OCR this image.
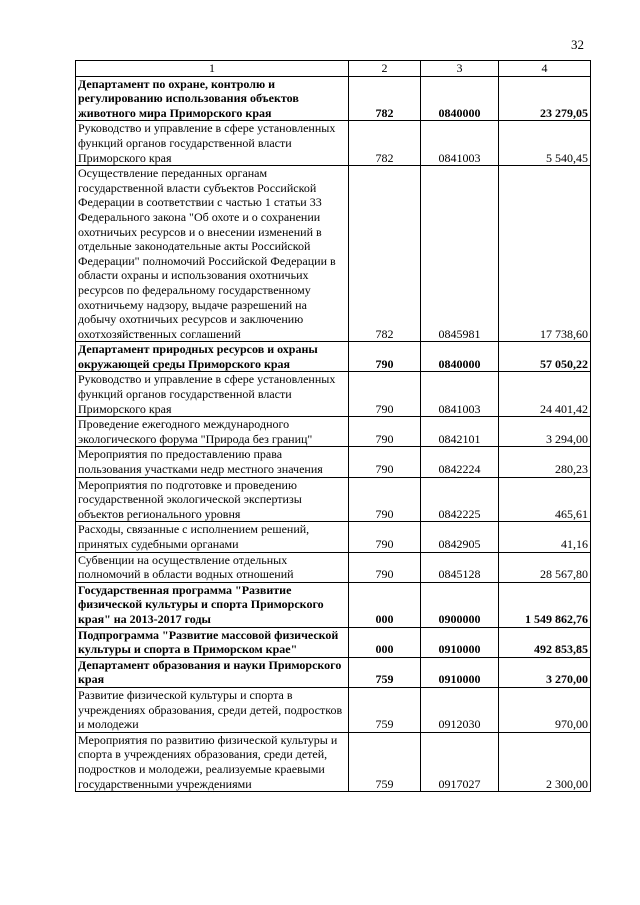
32
1	2	3	4
Департамент по охране, контролю и регулированию использования объектов животного мира Приморского края	782	0840000	23 279,05
Руководство и управление в сфере установленных функций органов государственной власти Приморского края	782	0841003	5 540,45
Осуществление переданных органам государственной власти субъектов Российской Федерации в соответствии с частью 1 статьи 33 Федерального закона "Об охоте и о сохранении охотничьих ресурсов и о внесении изменений в отдельные законодательные акты Российской Федерации" полномочий Российской Федерации в области охраны и использования охотничьих ресурсов по федеральному государственному охотничьему надзору, выдаче разрешений на добычу охотничьих ресурсов и заключению охотхозяйственных соглашений	782	0845981	17 738,60
Департамент природных ресурсов и охраны окружающей среды Приморского края	790	0840000	57 050,22
Руководство и управление в сфере установленных функций органов государственной власти Приморского края	790	0841003	24 401,42
Проведение ежегодного международного экологического форума "Природа без границ"	790	0842101	3 294,00
Мероприятия по предоставлению права пользования участками недр местного значения	790	0842224	280,23
Мероприятия по подготовке и проведению государственной экологической экспертизы объектов регионального уровня	790	0842225	465,61
Расходы, связанные с исполнением решений, принятых судебными органами	790	0842905	41,16
Субвенции на осуществление отдельных полномочий в области водных отношений	790	0845128	28 567,80
Государственная программа "Развитие физической культуры и спорта Приморского края" на 2013-2017 годы	000	0900000	1 549 862,76
Подпрограмма "Развитие массовой физической культуры и спорта в Приморском крае"	000	0910000	492 853,85
Департамент образования и науки Приморского края	759	0910000	3 270,00
Развитие физической культуры и спорта в учреждениях образования, среди детей, подростков и молодежи	759	0912030	970,00
Мероприятия по развитию физической культуры и спорта в учреждениях образования, среди детей, подростков и молодежи, реализуемые краевыми государственными учреждениями	759	0917027	2 300,00
